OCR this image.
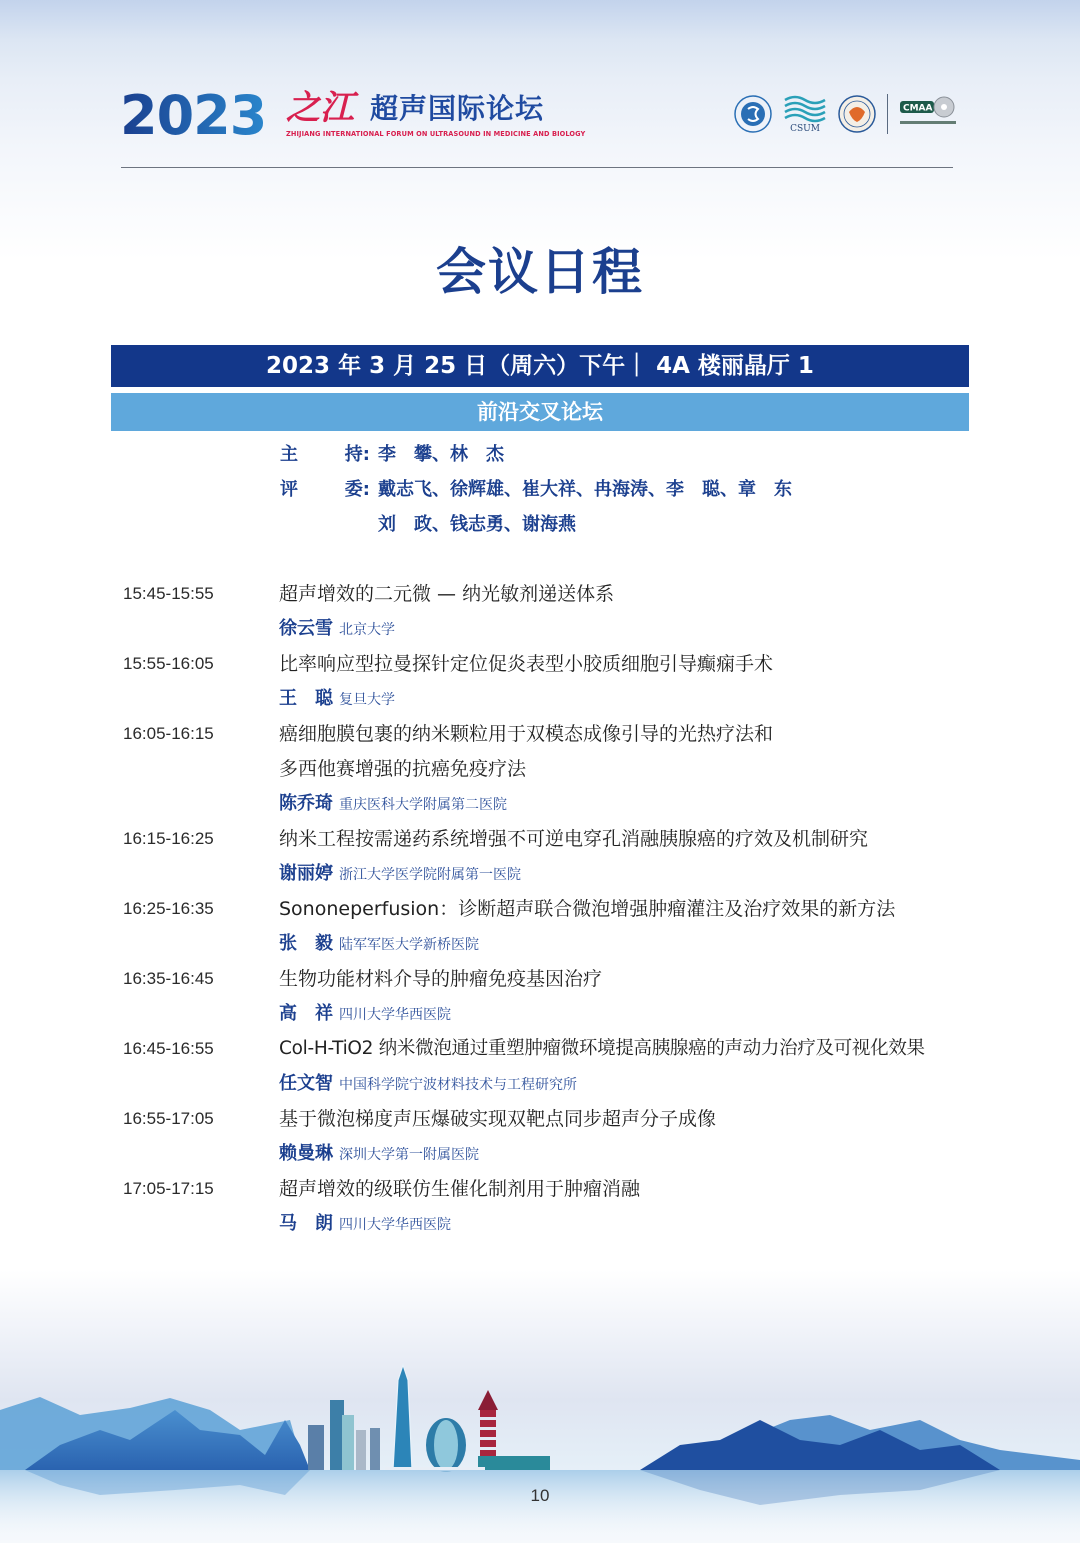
2023 之江 超声国际论坛
ZHIJIANG INTERNATIONAL FORUM ON ULTRASOUND IN MEDICINE AND BIOLOGY	CSUM
CMAA
会议日程
2023 年 3 月 25 日（周六）下午｜ 4A 楼丽晶厅 1
前沿交叉论坛
主	持: 李　攀、林　杰
评	委: 戴志飞、徐辉雄、崔大祥、冉海涛、李　聪、章　东
刘　政、钱志勇、谢海燕
15:45-15:55	超声增效的二元微 — 纳光敏剂递送体系
徐云雪 北京大学
15:55-16:05	比率响应型拉曼探针定位促炎表型小胶质细胞引导癫痫手术
王　聪 复旦大学
16:05-16:15	癌细胞膜包裹的纳米颗粒用于双模态成像引导的光热疗法和
多西他赛增强的抗癌免疫疗法
陈乔琦 重庆医科大学附属第二医院
16:15-16:25	纳米工程按需递药系统增强不可逆电穿孔消融胰腺癌的疗效及机制研究
谢丽婷 浙江大学医学院附属第一医院
16:25-16:35	Sononeperfusion：诊断超声联合微泡增强肿瘤灌注及治疗效果的新方法
张　毅 陆军军医大学新桥医院
16:35-16:45	生物功能材料介导的肿瘤免疫基因治疗
高　祥 四川大学华西医院
16:45-16:55	Col-H-TiO2 纳米微泡通过重塑肿瘤微环境提高胰腺癌的声动力治疗及可视化效果
任文智 中国科学院宁波材料技术与工程研究所
16:55-17:05	基于微泡梯度声压爆破实现双靶点同步超声分子成像
赖曼琳 深圳大学第一附属医院
17:05-17:15	超声增效的级联仿生催化制剂用于肿瘤消融
马　朗 四川大学华西医院
10
